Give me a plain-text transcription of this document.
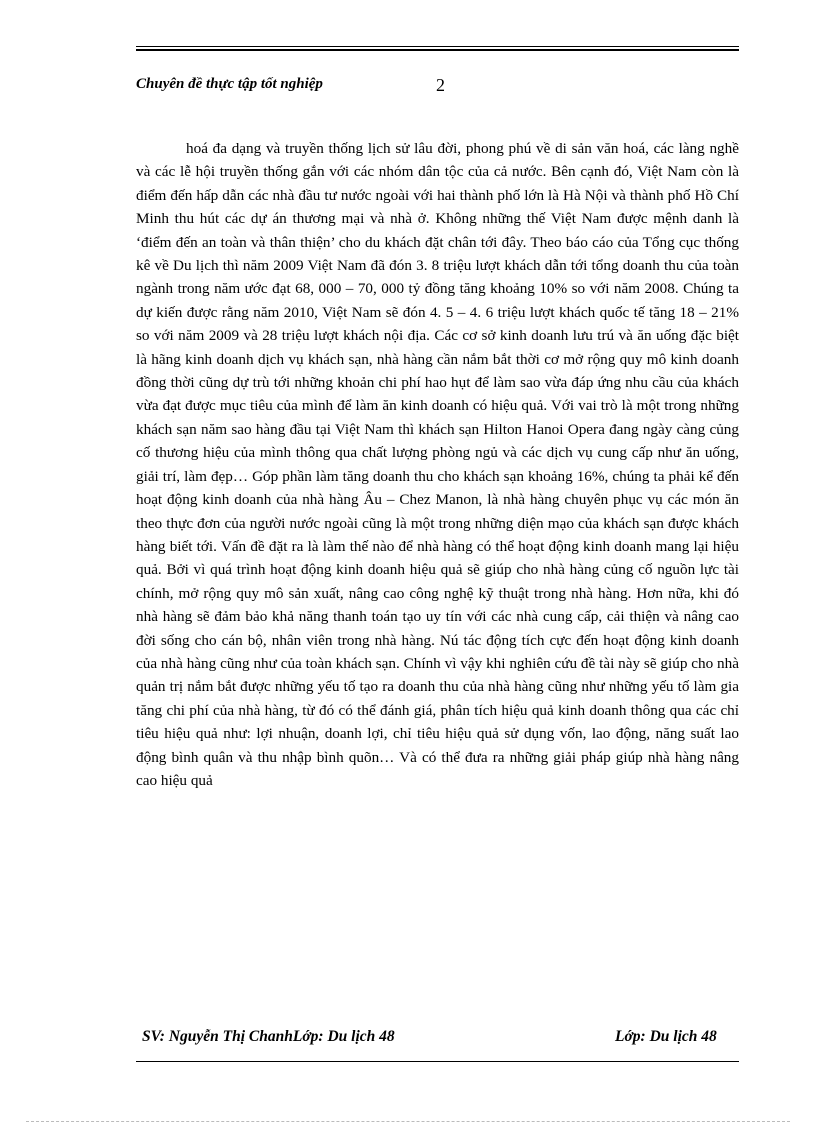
Chuyên đề thực tập tốt nghiệp	2

hoá đa dạng và truyền thống lịch sử lâu đời, phong phú về di sản văn hoá, các làng nghề và các lễ hội truyền thống gắn với các nhóm dân tộc của cả nước. Bên cạnh đó, Việt Nam còn là điểm đến hấp dẫn các nhà đầu tư nước ngoài với hai thành phố lớn là Hà Nội và thành phố Hồ Chí Minh thu hút các dự án thương mại và nhà ở. Không những thế Việt Nam được mệnh danh là ‘điểm đến an toàn và thân thiện’ cho du khách đặt chân tới đây. Theo báo cáo của Tổng cục thống kê về Du lịch thì năm 2009 Việt Nam đã đón 3. 8 triệu lượt khách dẫn tới tổng doanh thu của toàn ngành trong năm ước đạt 68, 000 – 70, 000 tỷ đồng tăng khoảng 10% so với năm 2008. Chúng ta dự kiến được rằng năm 2010, Việt Nam sẽ đón 4. 5 – 4. 6 triệu lượt khách quốc tế tăng 18 – 21% so với năm 2009 và 28 triệu lượt khách nội địa. Các cơ sở kinh doanh lưu trú và ăn uống đặc biệt là hãng kinh doanh dịch vụ khách sạn, nhà hàng cần nắm bắt thời cơ mở rộng quy mô kinh doanh đồng thời cũng dự trù tới những khoản chi phí hao hụt để làm sao vừa đáp ứng nhu cầu của khách vừa đạt được mục tiêu của mình để làm ăn kinh doanh có hiệu quả. Với vai trò là một trong những khách sạn năm sao hàng đầu tại Việt Nam thì khách sạn Hilton Hanoi Opera đang ngày càng củng cố thương hiệu của mình thông qua chất lượng phòng ngủ và các dịch vụ cung cấp như ăn uống, giải trí, làm đẹp… Góp phần làm tăng doanh thu cho khách sạn khoảng 16%, chúng ta phải kể đến hoạt động kinh doanh của nhà hàng Âu – Chez Manon, là nhà hàng chuyên phục vụ các món ăn theo thực đơn của người nước ngoài cũng là một trong những diện mạo của khách sạn được khách hàng biết tới. Vấn đề đặt ra là làm thế nào để nhà hàng có thể hoạt động kinh doanh mang lại hiệu quả. Bởi vì quá trình hoạt động kinh doanh hiệu quả sẽ giúp cho nhà hàng củng cố nguồn lực tài chính, mở rộng quy mô sản xuất, nâng cao công nghệ kỹ thuật trong nhà hàng. Hơn nữa, khi đó nhà hàng sẽ đảm bảo khả năng thanh toán tạo uy tín với các nhà cung cấp, cải thiện và nâng cao đời sống cho cán bộ, nhân viên trong nhà hàng. Nú tác động tích cực đến hoạt động kinh doanh của nhà hàng cũng như của toàn khách sạn. Chính vì vậy khi nghiên cứu đề tài này sẽ giúp cho nhà quản trị nắm bắt được những yếu tố tạo ra doanh thu của nhà hàng cũng như những yếu tố làm gia tăng chi phí của nhà hàng, từ đó có thể đánh giá, phân tích hiệu quả kinh doanh thông qua các chỉ tiêu hiệu quả như: lợi nhuận, doanh lợi, chỉ tiêu hiệu quả sử dụng vốn, lao động, năng suất lao động bình quân và thu nhập bình quõn… Và có thể đưa ra những giải pháp giúp nhà hàng nâng cao hiệu quả

SV: Nguyễn Thị ChanhLớp: Du lịch 48	Lớp: Du lịch 48
